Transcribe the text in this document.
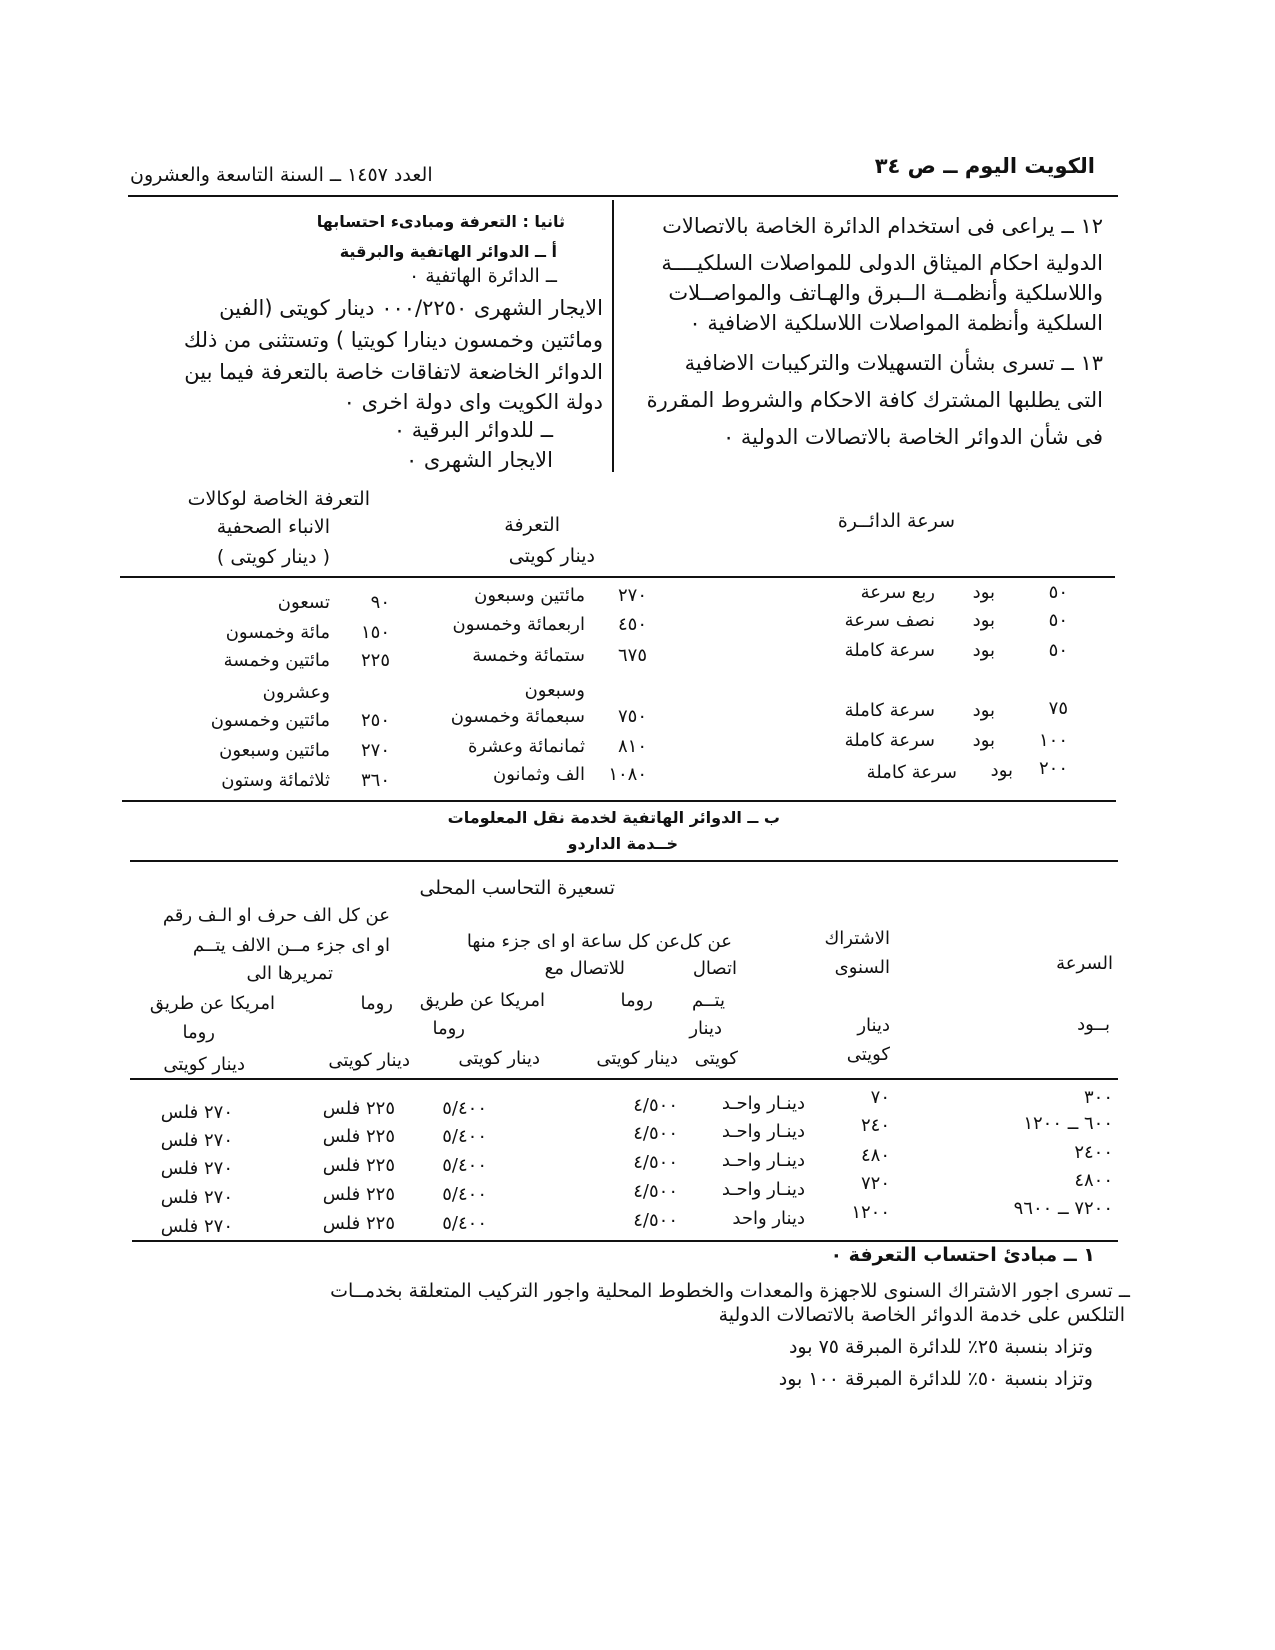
الكويت اليوم ــ ص ٣٤
العدد ١٤٥٧ ــ السنة التاسعة والعشرون
١٢ ــ يراعى فى استخدام الدائرة الخاصة بالاتصالات
الدولية احكام الميثاق الدولى للمواصلات السلكيــــة
واللاسلكية وأنظمــة الــبرق والهـاتف والمواصــلات
السلكية وأنظمة المواصلات اللاسلكية الاضافية ٠
١٣ ــ تسرى بشأن التسهيلات والتركيبات الاضافية
التى يطلبها المشترك كافة الاحكام والشروط المقررة
فى شأن الدوائر الخاصة بالاتصالات الدولية ٠
ثانيا : التعرفة ومبادىء احتسابها
أ ــ الدوائر الهاتفية والبرقية
ــ الدائرة الهاتفية ٠
الايجار الشهرى ٠٠٠/٢٢٥٠ دينار كويتى (الفين
ومائتين وخمسون دينارا كويتيا ) وتستثنى من ذلك
الدوائر الخاضعة لاتفاقات خاصة بالتعرفة فيما بين
دولة الكويت واى دولة اخرى ٠
ــ للدوائر البرقية ٠
الايجار الشهرى ٠
سرعة الدائــرة
التعرفة
دينار كويتى
التعرفة الخاصة لوكالات
الانباء الصحفية
( دينار كويتى )
٥٠
بود
ربع سرعة
٢٧٠
مائتين وسبعون
٩٠
تسعون
٥٠
بود
نصف سرعة
٤٥٠
اربعمائة وخمسون
١٥٠
مائة وخمسون
٥٠
بود
سرعة كاملة
٦٧٥
ستمائة وخمسة
٢٢٥
مائتين وخمسة
وسبعون
وعشرون
٧٥
بود
سرعة كاملة
٧٥٠
سبعمائة وخمسون
٢٥٠
مائتين وخمسون
١٠٠
بود
سرعة كاملة
٨١٠
ثمانمائة وعشرة
٢٧٠
مائتين وسبعون
٢٠٠
بود
سرعة كاملة
١٠٨٠
الف وثمانون
٣٦٠
ثلاثمائة وستون
ب ــ الدوائر الهاتفية لخدمة نقل المعلومات
خــدمة الداردو
تسعيرة التحاسب المحلى
السرعة
بــود
الاشتراك
السنوى
دينار
كويتى
عن كل
اتصال
يتــم
دينار
كويتى
عن كل ساعة او اى جزء منها
للاتصال مع
روما
امريكا عن طريق
روما
دينار كويتى
دينار كويتى
عن كل الف حرف او الـف رقم
او اى جزء مــن الالف يتــم
تمريرها الى
روما
امريكا عن طريق
روما
دينار كويتى
دينار كويتى
٣٠٠
٧٠
دينـار واحـد
٤/٥٠٠
٥/٤٠٠
٢٢٥ فلس
٢٧٠ فلس
٦٠٠ ــ ١٢٠٠
٢٤٠
دينـار واحـد
٤/٥٠٠
٥/٤٠٠
٢٢٥ فلس
٢٧٠ فلس
٢٤٠٠
٤٨٠
دينـار واحـد
٤/٥٠٠
٥/٤٠٠
٢٢٥ فلس
٢٧٠ فلس
٤٨٠٠
٧٢٠
دينـار واحـد
٤/٥٠٠
٥/٤٠٠
٢٢٥ فلس
٢٧٠ فلس
٧٢٠٠ ــ ٩٦٠٠
١٢٠٠
دينار واحد
٤/٥٠٠
٥/٤٠٠
٢٢٥ فلس
٢٧٠ فلس
١ ــ مبادئ احتساب التعرفة ٠
ــ تسرى اجور الاشتراك السنوى للاجهزة والمعدات والخطوط المحلية واجور التركيب المتعلقة بخدمــات
التلكس على خدمة الدوائر الخاصة بالاتصالات الدولية
وتزاد بنسبة ٢٥٪ للدائرة المبرقة ٧٥ بود
وتزاد بنسبة ٥٠٪ للدائرة المبرقة ١٠٠ بود
